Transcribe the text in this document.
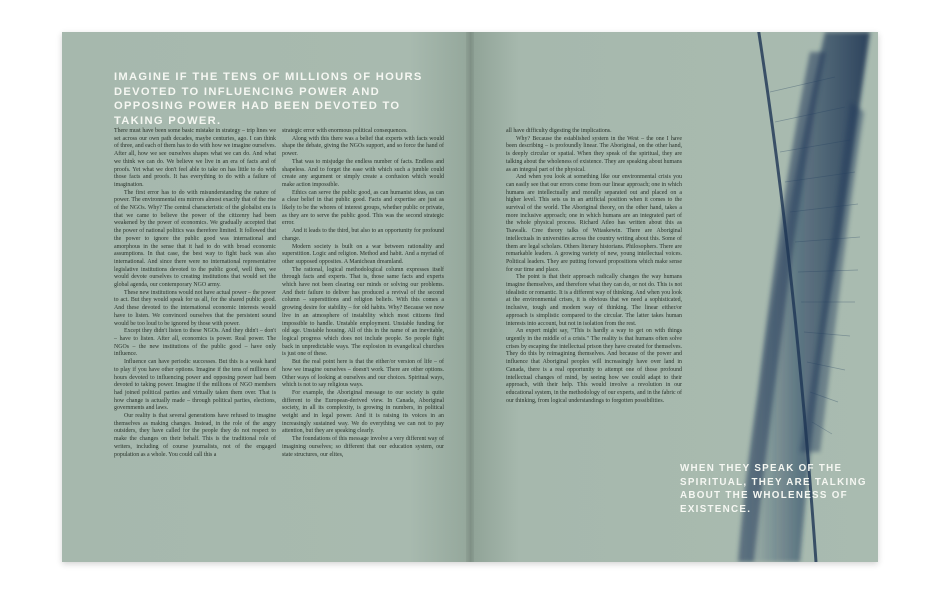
IMAGINE IF THE TENS OF MILLIONS OF HOURS DEVOTED TO INFLUENCING POWER AND OPPOSING POWER HAD BEEN DEVOTED TO TAKING POWER.

There must have been some basic mistake in strategy – trip lines we set across our own path decades, maybe centuries, ago. I can think of three, and each of them has to do with how we imagine ourselves. After all, how we see ourselves shapes what we can do. And what we think we can do. We believe we live in an era of facts and of proofs. Yet what we don't feel able to take on has little to do with those facts and proofs. It has everything to do with a failure of imagination.

The first error has to do with misunderstanding the nature of power. The environmental era mirrors almost exactly that of the rise of the NGOs. Why? The central characteristic of the globalist era is that we came to believe the power of the citizenry had been weakened by the power of economics. We gradually accepted that the power of national politics was therefore limited. It followed that the power to ignore the public good was international and amorphous in the sense that it had to do with broad economic assumptions. In that case, the best way to fight back was also international. And since there were no international representative legislative institutions devoted to the public good, well then, we would devote ourselves to creating institutions that would set the global agenda, our contemporary NGO army.

These new institutions would not have actual power – the power to act. But they would speak for us all, for the shared public good. And these devoted to the international economic interests would have to listen. We convinced ourselves that the persistent sound would be too loud to be ignored by those with power.

Except they didn't listen to these NGOs. And they didn't – don't – have to listen. After all, economics is power. Real power. The NGOs – the new institutions of the public good – have only influence.

Influence can have periodic successes. But this is a weak hand to play if you have other options. Imagine if the tens of millions of hours devoted to influencing power and opposing power had been devoted to taking power. Imagine if the millions of NGO members had joined political parties and virtually taken them over. That is how change is actually made – through political parties, elections, governments and laws.

Our reality is that several generations have refused to imagine themselves as making changes. Instead, in the role of the angry outsiders, they have called for the people they do not respect to make the changes on their behalf. This is the traditional role of writers, including of course journalists, not of the engaged population as a whole. You could call this a

strategic error with enormous political consequences.

Along with this there was a belief that experts with facts would shape the debate, giving the NGOs support, and so force the hand of power.

That was to misjudge the endless number of facts. Endless and shapeless. And to forget the ease with which such a jumble could create any argument or simply create a confusion which would make action impossible.

Ethics can serve the public good, as can humanist ideas, as can a clear belief in that public good. Facts and expertise are just as likely to be the whores of interest groups, whether public or private, as they are to serve the public good. This was the second strategic error.

And it leads to the third, but also to an opportunity for profound change.

Modern society is built on a war between rationality and superstition. Logic and religion. Method and habit. And a myriad of other supposed opposites. A Manichean dreamland.

The rational, logical methodological column expresses itself through facts and experts. That is, those same facts and experts which have not been clearing our minds or solving our problems. And their failure to deliver has produced a revival of the second column – superstitions and religion beliefs. With this comes a growing desire for stability – for old habits. Why? Because we now live in an atmosphere of instability which most citizens find impossible to handle. Unstable employment. Unstable funding for old age. Unstable housing. All of this in the name of an inevitable, logical progress which does not include people. So people fight back in unpredictable ways. The explosion in evangelical churches is just one of these.

But the real point here is that the either/or version of life – of how we imagine ourselves – doesn't work. There are other options. Other ways of looking at ourselves and our choices. Spiritual ways, which is not to say religious ways.

For example, the Aboriginal message to our society is quite different to the European-derived view. In Canada, Aboriginal society, in all its complexity, is growing in numbers, in political weight and in legal power. And it is raising its voices in an increasingly sustained way. We do everything we can not to pay attention, but they are speaking clearly.

The foundations of this message involve a very different way of imagining ourselves; so different that our education system, our state structures, our elites,

all have difficulty digesting the implications.

Why? Because the established system in the West – the one I have been describing – is profoundly linear. The Aboriginal, on the other hand, is deeply circular or spatial. When they speak of the spiritual, they are talking about the wholeness of existence. They are speaking about humans as an integral part of the physical.

And when you look at something like our environmental crisis you can easily see that our errors come from our linear approach; one in which humans are intellectually and morally separated out and placed on a higher level. This sets us in an artificial position when it comes to the survival of the world. The Aboriginal theory, on the other hand, takes a more inclusive approach; one in which humans are an integrated part of the whole physical process. Richard Atleo has written about this as Tsawalk. Cree theory talks of Witaskewin. There are Aboriginal intellectuals in universities across the country writing about this. Some of them are legal scholars. Others literary historians. Philosophers. There are remarkable leaders. A growing variety of new, young intellectual voices. Political leaders. They are putting forward propositions which make sense for our time and place.

The point is that their approach radically changes the way humans imagine themselves, and therefore what they can do, or not do. This is not idealistic or romantic. It is a different way of thinking. And when you look at the environmental crises, it is obvious that we need a sophisticated, inclusive, tough and modern way of thinking. The linear either/or approach is simplistic compared to the circular. The latter takes human interests into account, but not in isolation from the rest.

An expert might say, "This is hardly a way to get on with things urgently in the middle of a crisis." The reality is that humans often solve crises by escaping the intellectual prison they have created for themselves. They do this by reimagining themselves. And because of the power and influence that Aboriginal peoples will increasingly have over land in Canada, there is a real opportunity to attempt one of those profound intellectual changes of mind, by seeing how we could adapt to their approach, with their help. This would involve a revolution in our educational system, in the methodology of our experts, and in the fabric of our thinking, from logical understandings to forgotten possibilities.

WHEN THEY SPEAK OF THE SPIRITUAL, THEY ARE TALKING ABOUT THE WHOLENESS OF EXISTENCE.
